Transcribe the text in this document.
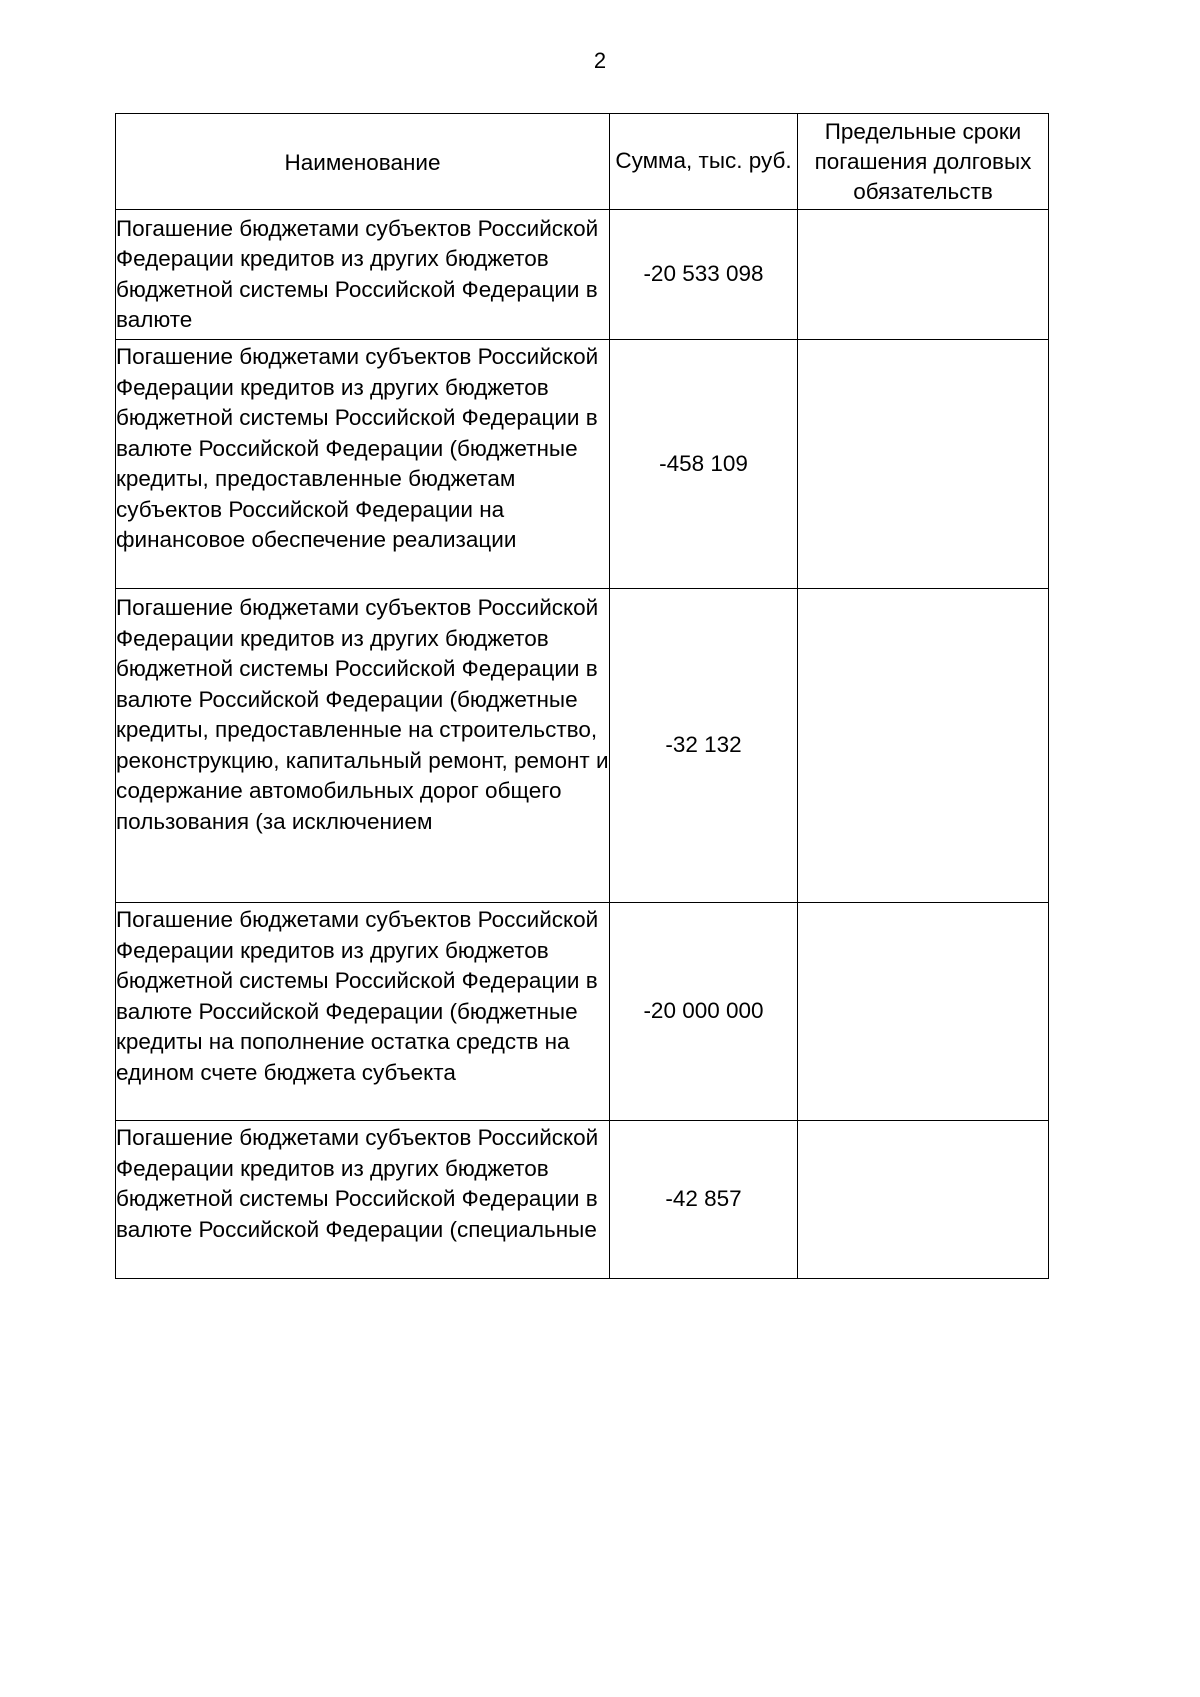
2
Наименование	Сумма, тыс. руб.	Предельные сроки погашения долговых обязательств

Погашение бюджетами субъектов Российской Федерации кредитов из других бюджетов бюджетной системы Российской Федерации в валюте	-20 533 098	

Погашение бюджетами субъектов Российской Федерации кредитов из других бюджетов бюджетной системы Российской Федерации в валюте Российской Федерации (бюджетные кредиты, предоставленные бюджетам субъектов Российской Федерации на финансовое обеспечение реализации	-458 109	

Погашение бюджетами субъектов Российской Федерации кредитов из других бюджетов бюджетной системы Российской Федерации в валюте Российской Федерации (бюджетные кредиты, предоставленные на строительство, реконструкцию, капитальный ремонт, ремонт и содержание автомобильных дорог общего пользования (за исключением	-32 132	

Погашение бюджетами субъектов Российской Федерации кредитов из других бюджетов бюджетной системы Российской Федерации в валюте Российской Федерации (бюджетные кредиты на пополнение остатка средств на едином счете бюджета субъекта	-20 000 000	

Погашение бюджетами субъектов Российской Федерации кредитов из других бюджетов бюджетной системы Российской Федерации в валюте Российской Федерации (специальные	-42 857	
